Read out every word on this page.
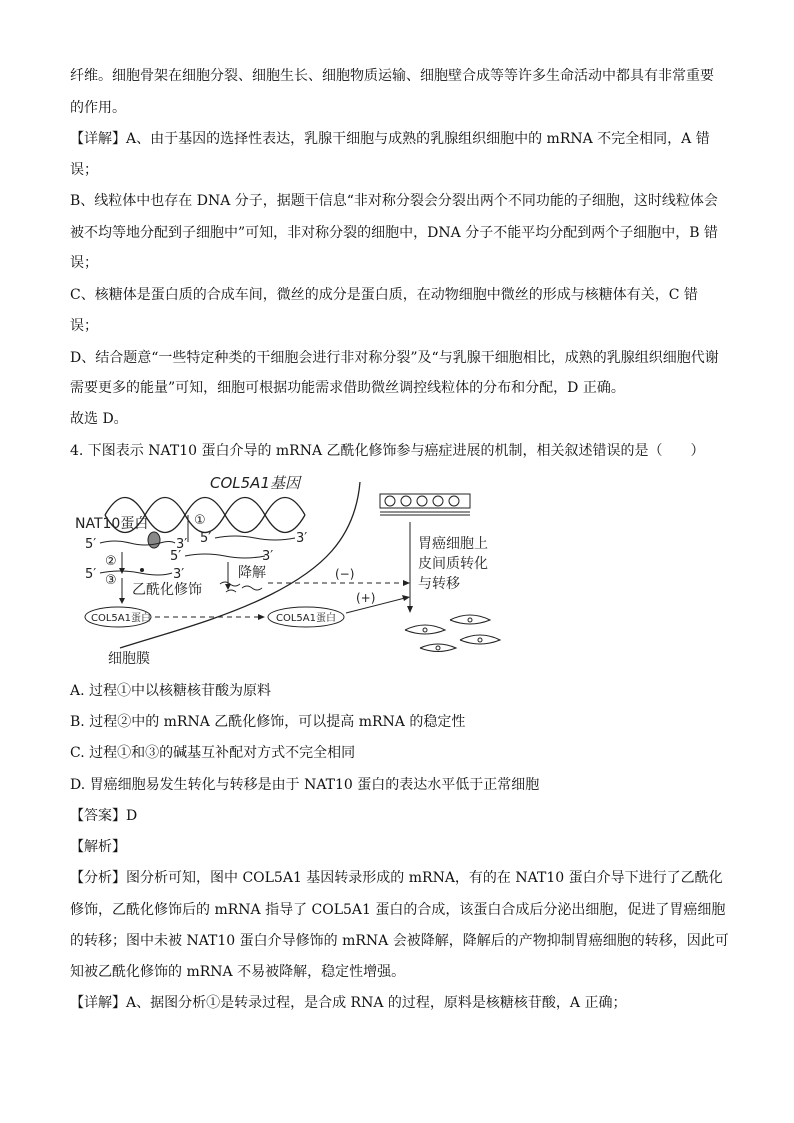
纤维。细胞骨架在细胞分裂、细胞生长、细胞物质运输、细胞壁合成等等许多生命活动中都具有非常重要
的作用。
【详解】A、由于基因的选择性表达，乳腺干细胞与成熟的乳腺组织细胞中的 mRNA 不完全相同，A 错
误；
B、线粒体中也存在 DNA 分子，据题干信息“非对称分裂会分裂出两个不同功能的子细胞，这时线粒体会
被不均等地分配到子细胞中”可知，非对称分裂的细胞中，DNA 分子不能平均分配到两个子细胞中，B 错
误；
C、核糖体是蛋白质的合成车间，微丝的成分是蛋白质，在动物细胞中微丝的形成与核糖体有关，C 错
误；
D、结合题意“一些特定种类的干细胞会进行非对称分裂”及“与乳腺干细胞相比，成熟的乳腺组织细胞代谢
需要更多的能量”可知，细胞可根据功能需求借助微丝调控线粒体的分布和分配，D 正确。
故选 D。
4. 下图表示 NAT10 蛋白介导的 mRNA 乙酰化修饰参与癌症进展的机制，相关叙述错误的是（　　）
COL5A1基因
①
NAT10蛋白
5′	3′ 5′	3′
5′	3′
②
5′	3′
③
乙酰化修饰
降解	(−)
COL5A1蛋白	COL5A1蛋白
(+)
细胞膜
胃癌细胞上
皮间质转化
与转移
A. 过程①中以核糖核苷酸为原料
B. 过程②中的 mRNA 乙酰化修饰，可以提高 mRNA 的稳定性
C. 过程①和③的碱基互补配对方式不完全相同
D. 胃癌细胞易发生转化与转移是由于 NAT10 蛋白的表达水平低于正常细胞
【答案】D
【解析】
【分析】图分析可知，图中 COL5A1 基因转录形成的 mRNA，有的在 NAT10 蛋白介导下进行了乙酰化
修饰，乙酰化修饰后的 mRNA 指导了 COL5A1 蛋白的合成，该蛋白合成后分泌出细胞，促进了胃癌细胞
的转移；图中未被 NAT10 蛋白介导修饰的 mRNA 会被降解，降解后的产物抑制胃癌细胞的转移，因此可
知被乙酰化修饰的 mRNA 不易被降解，稳定性增强。
【详解】A、据图分析①是转录过程，是合成 RNA 的过程，原料是核糖核苷酸，A 正确；
